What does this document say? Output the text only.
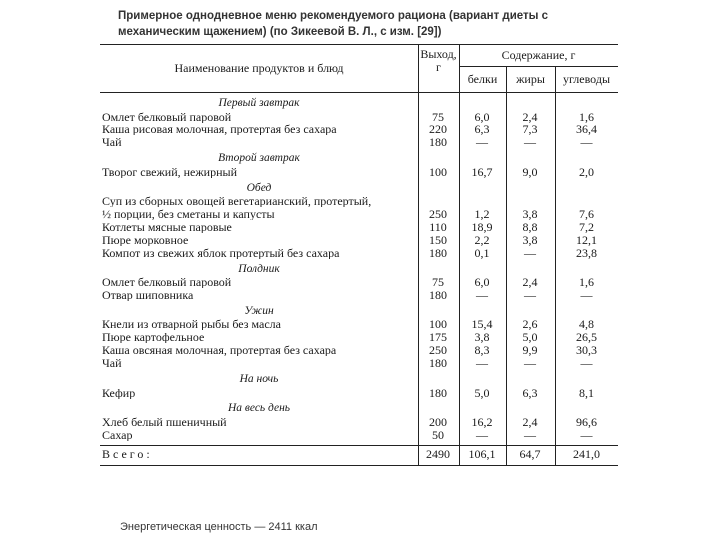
Примерное однодневное меню рекомендуемого рациона (вариант диеты с механическим щажением) (по Зикеевой В. Л., с изм. [29])
Наименование продуктов и блюд
Выход, г
Содержание, г
белки	жиры	углеводы
Первый завтрак
Омлет белковый паровой	75	6,0	2,4	1,6
Каша рисовая молочная, протертая без сахара	220	6,3	7,3	36,4
Чай	180	—	—	—
Второй завтрак
Творог свежий, нежирный	100	16,7	9,0	2,0
Обед
Суп из сборных овощей вегетарианский, протертый,
½ порции, без сметаны и капусты	250	1,2	3,8	7,6
Котлеты мясные паровые	110	18,9	8,8	7,2
Пюре морковное	150	2,2	3,8	12,1
Компот из свежих яблок протертый без сахара	180	0,1	—	23,8
Полдник
Омлет белковый паровой	75	6,0	2,4	1,6
Отвар шиповника	180	—	—	—
Ужин
Кнели из отварной рыбы без масла	100	15,4	2,6	4,8
Пюре картофельное	175	3,8	5,0	26,5
Каша овсяная молочная, протертая без сахара	250	8,3	9,9	30,3
Чай	180	—	—	—
На ночь
Кефир	180	5,0	6,3	8,1
На весь день
Хлеб белый пшеничный	200	16,2	2,4	96,6
Сахар	50	—	—	—
Всего:	2490	106,1	64,7	241,0
Энергетическая ценность — 2411 ккал
